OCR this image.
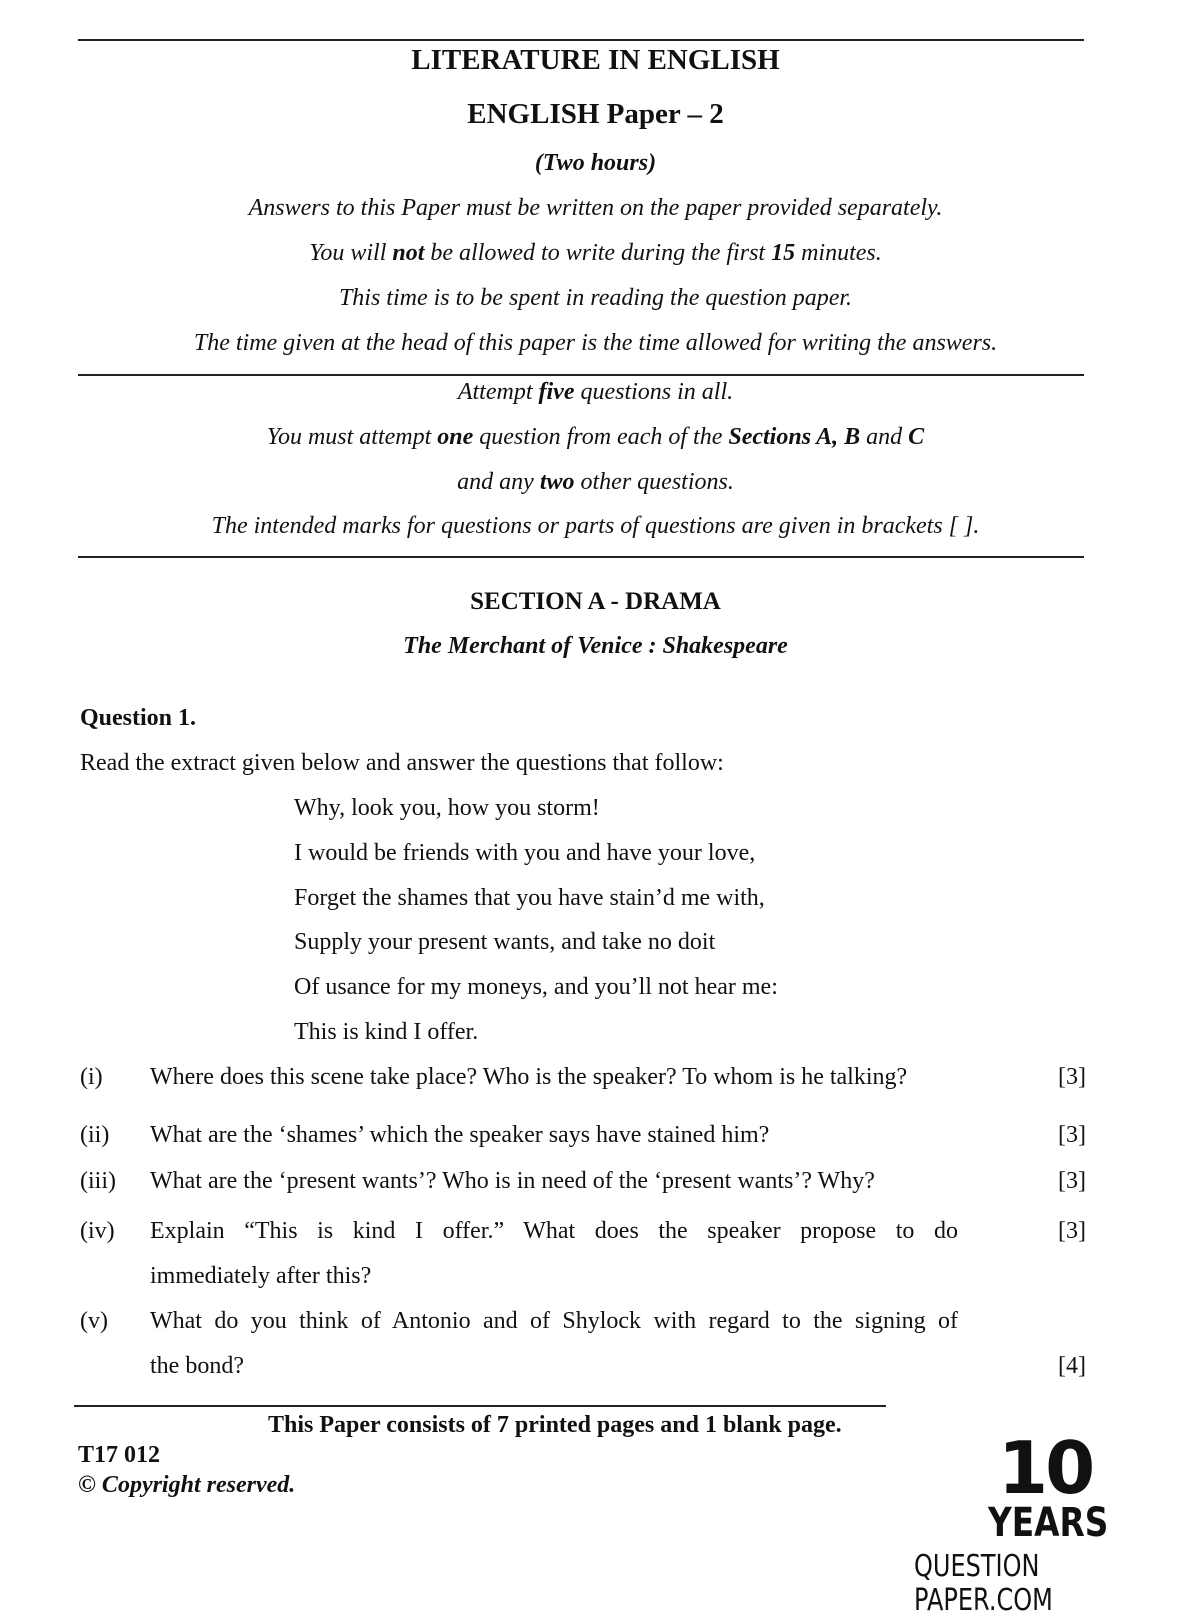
LITERATURE IN ENGLISH
ENGLISH Paper – 2
(Two hours)
Answers to this Paper must be written on the paper provided separately.
You will not be allowed to write during the first 15 minutes.
This time is to be spent in reading the question paper.
The time given at the head of this paper is the time allowed for writing the answers.
Attempt five questions in all.
You must attempt one question from each of the Sections A, B and C
and any two other questions.
The intended marks for questions or parts of questions are given in brackets [ ].
SECTION A - DRAMA
The Merchant of Venice : Shakespeare
Question 1.
Read the extract given below and answer the questions that follow:
Why, look you, how you storm!
I would be friends with you and have your love,
Forget the shames that you have stain’d me with,
Supply your present wants, and take no doit
Of usance for my moneys, and you’ll not hear me:
This is kind I offer.
(i) Where does this scene take place? Who is the speaker? To whom is he talking?	[3]
(ii) What are the ‘shames’ which the speaker says have stained him?	[3]
(iii) What are the ‘present wants’? Who is in need of the ‘present wants’? Why?	[3]
(iv) Explain “This is kind I offer.” What does the speaker propose to do
immediately after this?
[3]
(v) What do you think of Antonio and of Shylock with regard to the signing of
the bond?	[4]
This Paper consists of 7 printed pages and 1 blank page.
T17 012
© Copyright reserved.	10
YEARS
QUESTION PAPER.COM
